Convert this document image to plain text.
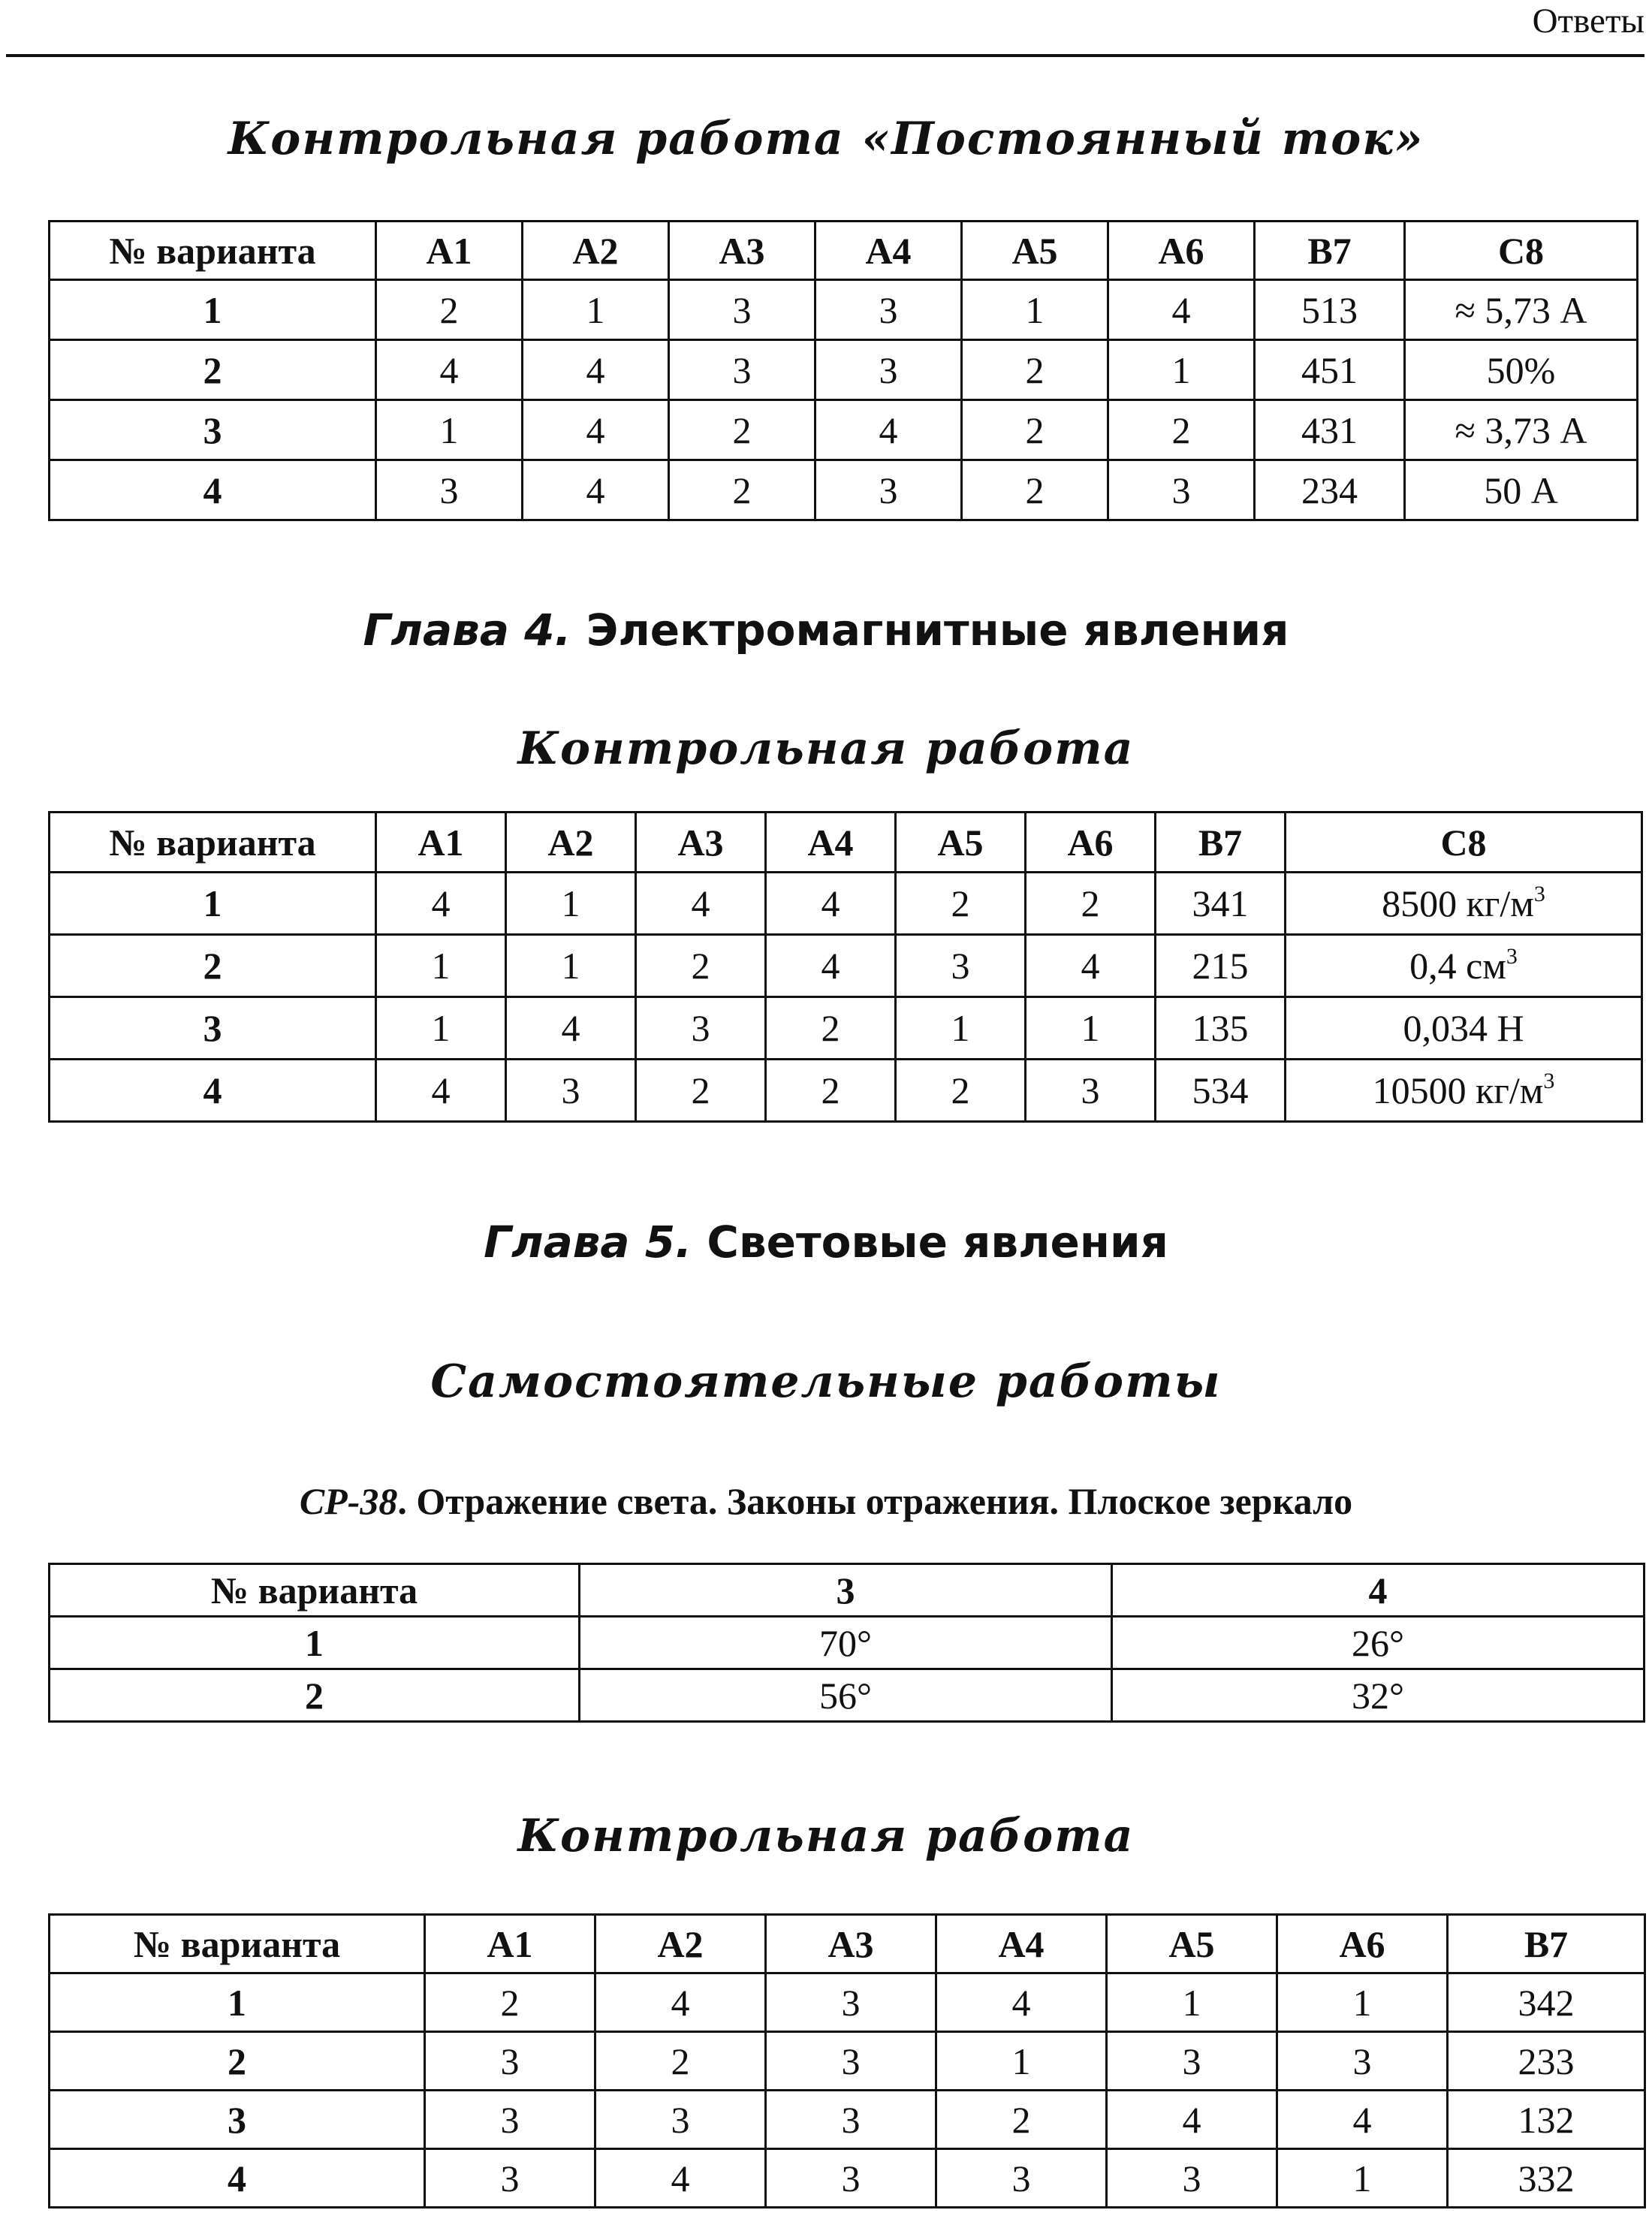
Ответы
Контрольная работа «Постоянный ток»
№ варианта	А1	А2	А3	А4	А5	А6	В7	С8
1	2	1	3	3	1	4	513	≈ 5,73 А
2	4	4	3	3	2	1	451	50%
3	1	4	2	4	2	2	431	≈ 3,73 А
4	3	4	2	3	2	3	234	50 А
Глава 4. Электромагнитные явления
Контрольная работа
№ варианта	А1	А2	А3	А4	А5	А6	В7	С8
1	4	1	4	4	2	2	341	8500 $кг/м^3$
2	1	1	2	4	3	4	215	0,4 $см^3$
3	1	4	3	2	1	1	135	0,034 Н
4	4	3	2	2	2	3	534	10500 $кг/м^3$
Глава 5. Световые явления
Самостоятельные работы
СР-38. Отражение света. Законы отражения. Плоское зеркало
№ варианта	3	4
1	70°	26°
2	56°	32°
Контрольная работа
№ варианта	А1	А2	А3	А4	А5	А6	В7
1	2	4	3	4	1	1	342
2	3	2	3	1	3	3	233
3	3	3	3	2	4	4	132
4	3	4	3	3	3	1	332
